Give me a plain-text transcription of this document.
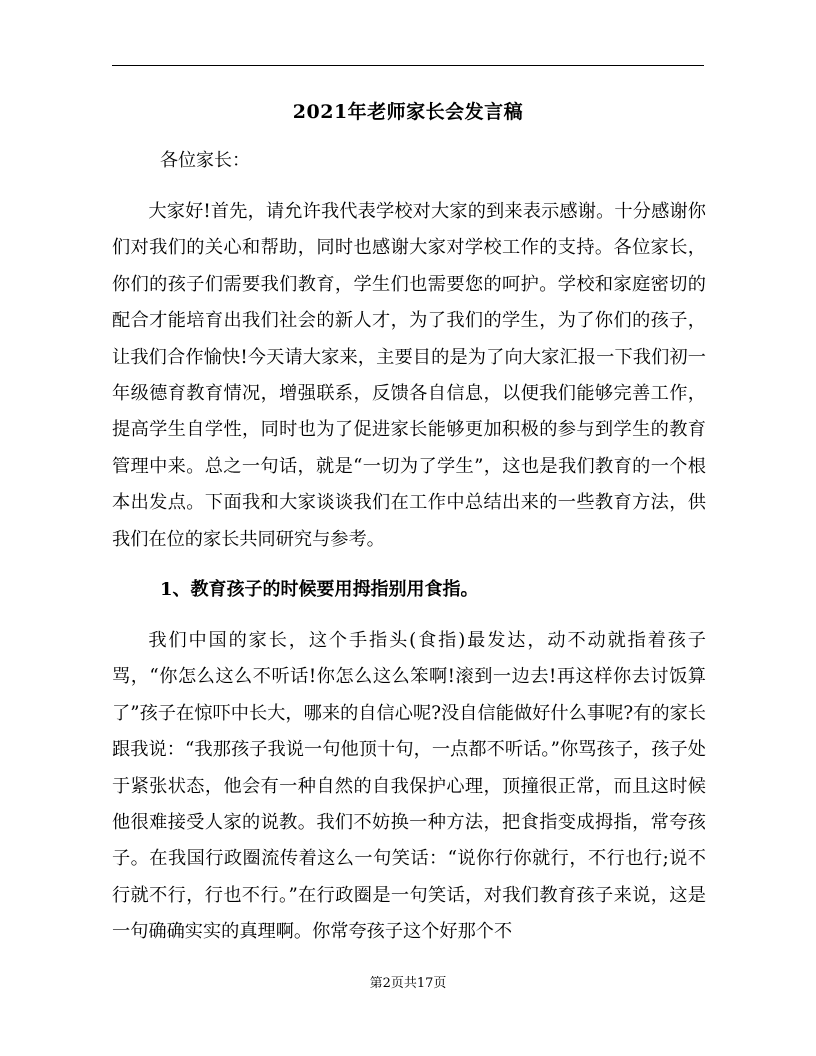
2021年老师家长会发言稿
各位家长：

大家好!首先，请允许我代表学校对大家的到来表示感谢。十分感谢你们对我们的关心和帮助，同时也感谢大家对学校工作的支持。各位家长，你们的孩子们需要我们教育，学生们也需要您的呵护。学校和家庭密切的配合才能培育出我们社会的新人才，为了我们的学生，为了你们的孩子，让我们合作愉快!今天请大家来，主要目的是为了向大家汇报一下我们初一年级德育教育情况，增强联系，反馈各自信息，以便我们能够完善工作，提高学生自学性，同时也为了促进家长能够更加积极的参与到学生的教育管理中来。总之一句话，就是“一切为了学生”，这也是我们教育的一个根本出发点。下面我和大家谈谈我们在工作中总结出来的一些教育方法，供我们在位的家长共同研究与参考。

1、教育孩子的时候要用拇指别用食指。

我们中国的家长，这个手指头(食指)最发达，动不动就指着孩子骂，“你怎么这么不听话!你怎么这么笨啊!滚到一边去!再这样你去讨饭算了”孩子在惊吓中长大，哪来的自信心呢?没自信能做好什么事呢?有的家长跟我说：“我那孩子我说一句他顶十句，一点都不听话。”你骂孩子，孩子处于紧张状态，他会有一种自然的自我保护心理，顶撞很正常，而且这时候他很难接受人家的说教。我们不妨换一种方法，把食指变成拇指，常夸孩子。在我国行政圈流传着这么一句笑话：“说你行你就行，不行也行;说不行就不行，行也不行。”在行政圈是一句笑话，对我们教育孩子来说，这是一句确确实实的真理啊。你常夸孩子这个好那个不

第2页共17页
